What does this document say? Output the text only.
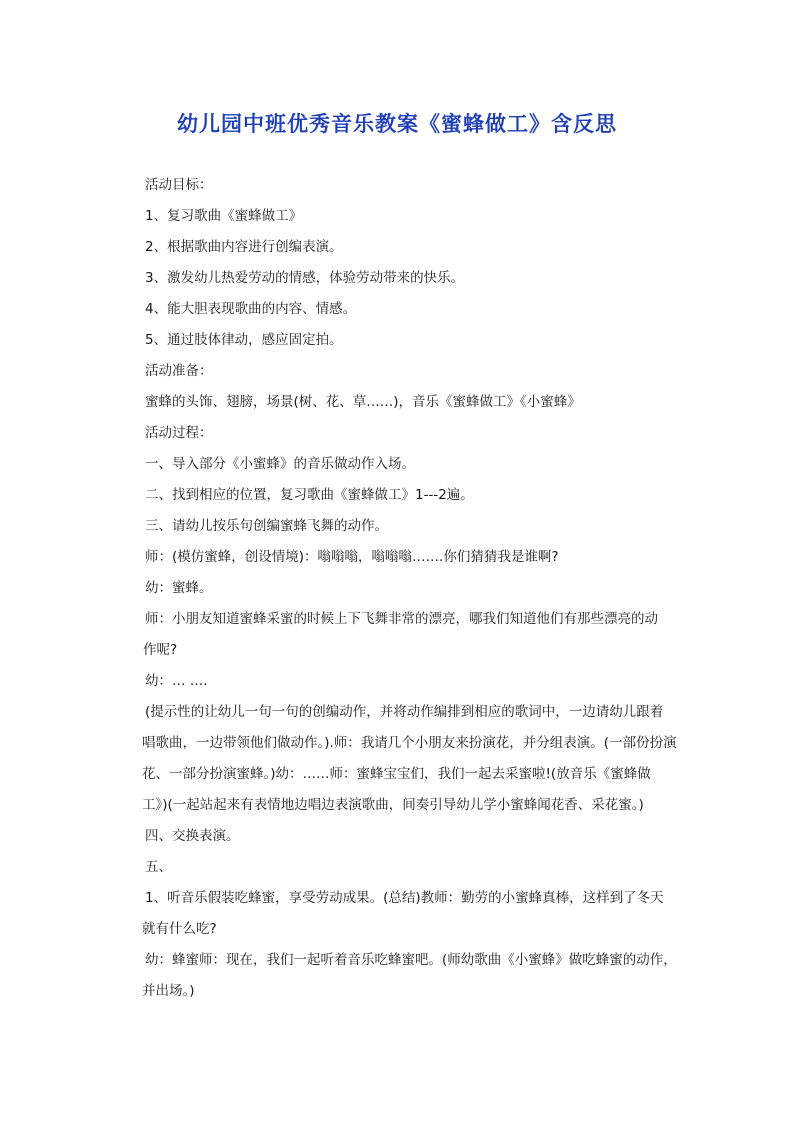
幼儿园中班优秀音乐教案《蜜蜂做工》含反思

活动目标：

1、复习歌曲《蜜蜂做工》

2、根据歌曲内容进行创编表演。

3、激发幼儿热爱劳动的情感，体验劳动带来的快乐。

4、能大胆表现歌曲的内容、情感。

5、通过肢体律动，感应固定拍。

活动准备：

蜜蜂的头饰、翅膀，场景(树、花、草……)，音乐《蜜蜂做工》《小蜜蜂》

活动过程：

一、导入部分《小蜜蜂》的音乐做动作入场。

二、找到相应的位置，复习歌曲《蜜蜂做工》1---2遍。

三、请幼儿按乐句创编蜜蜂飞舞的动作。

师：(模仿蜜蜂，创设情境)：嗡嗡嗡，嗡嗡嗡…….你们猜猜我是谁啊?

幼：蜜蜂。

师：小朋友知道蜜蜂采蜜的时候上下飞舞非常的漂亮，哪我们知道他们有那些漂亮的动
作呢?

幼：… ….

(提示性的让幼儿一句一句的创编动作，并将动作编排到相应的歌词中，一边请幼儿跟着
唱歌曲，一边带领他们做动作。).师：我请几个小朋友来扮演花，并分组表演。(一部份扮演
花、一部分扮演蜜蜂。)幼：……师：蜜蜂宝宝们，我们一起去采蜜啦!(放音乐《蜜蜂做
工》)(一起站起来有表情地边唱边表演歌曲，间奏引导幼儿学小蜜蜂闻花香、采花蜜。)

四、交换表演。

五、

1、听音乐假装吃蜂蜜，享受劳动成果。(总结)教师：勤劳的小蜜蜂真棒，这样到了冬天
就有什么吃?
幼：蜂蜜师：现在，我们一起听着音乐吃蜂蜜吧。(师幼歌曲《小蜜蜂》做吃蜂蜜的动作，
并出场。)
